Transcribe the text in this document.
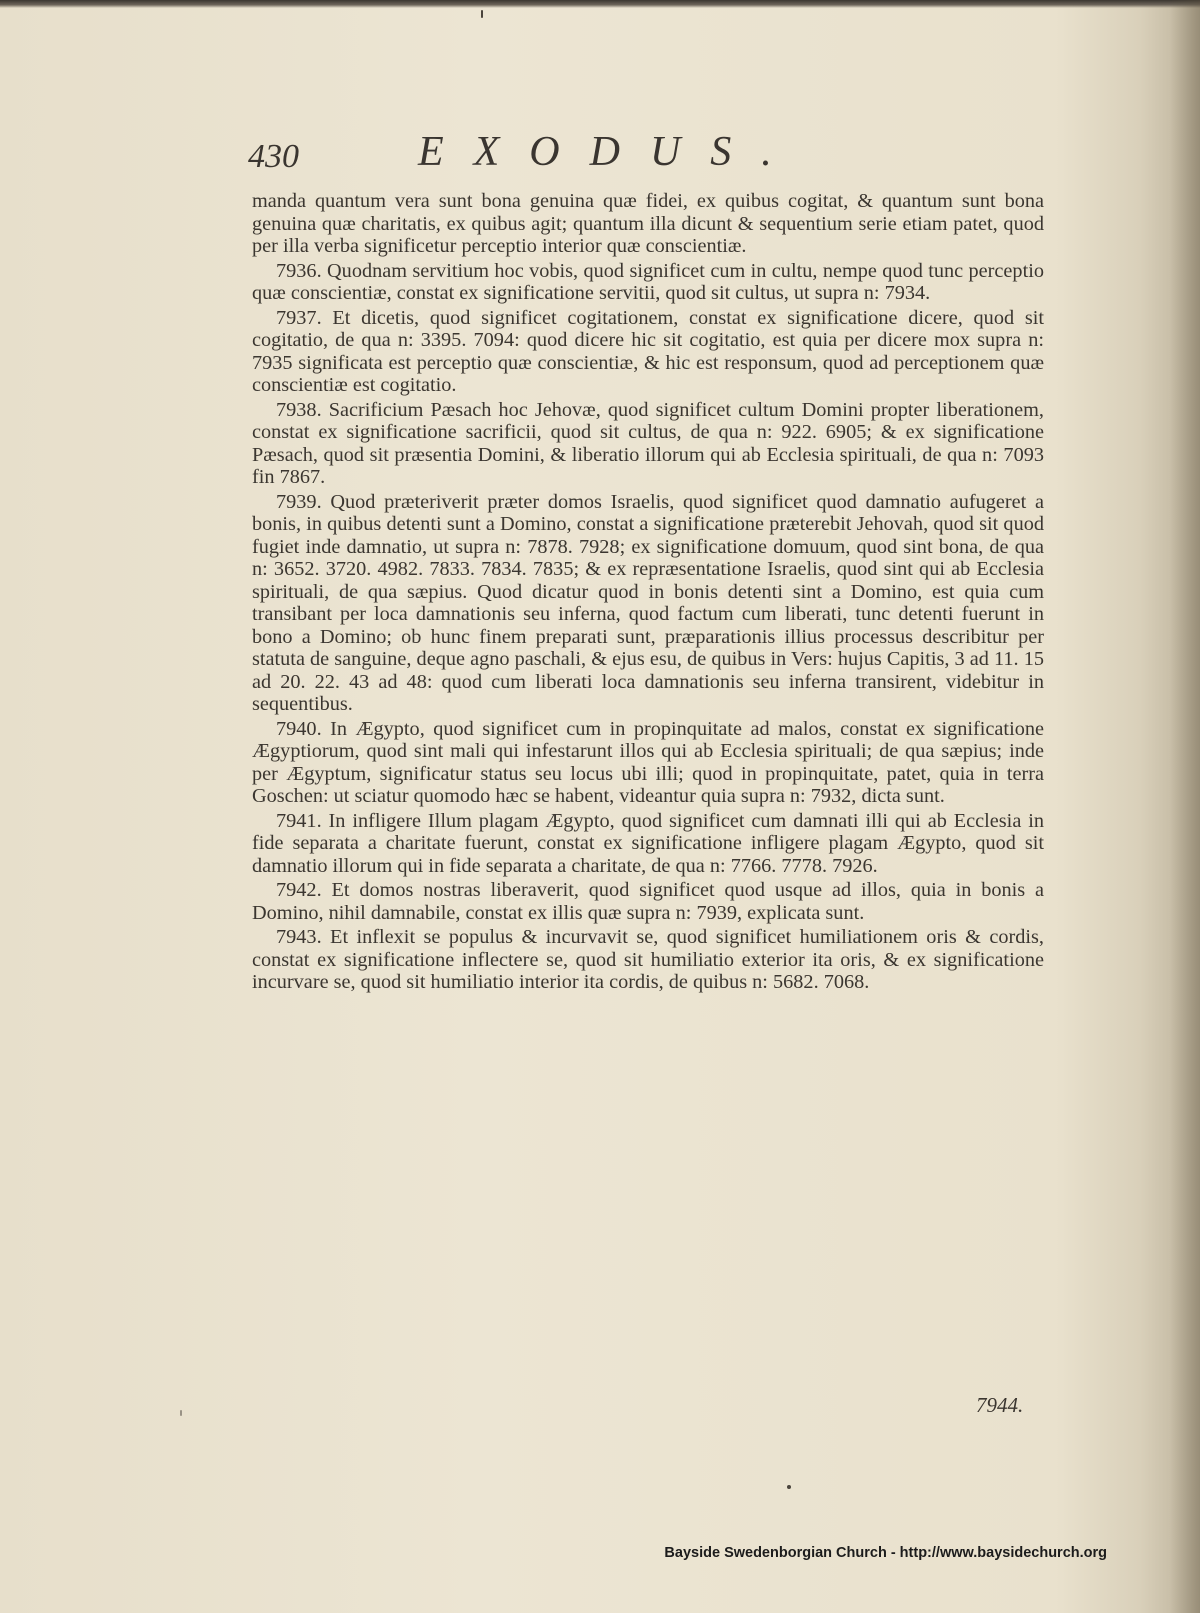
430	EXODUS.

manda quantum vera sunt bona genuina quæ fidei, ex quibus cogitat, & quantum sunt bona genuina quæ charitatis, ex quibus agit; quantum illa dicunt & sequentium serie etiam patet, quod per illa verba significetur perceptio interior quæ conscientiæ.

7936. Quodnam servitium hoc vobis, quod significet cum in cultu, nempe quod tunc perceptio quæ conscientiæ, constat ex significatione servitii, quod sit cultus, ut supra n: 7934.

7937. Et dicetis, quod significet cogitationem, constat ex significatione dicere, quod sit cogitatio, de qua n: 3395. 7094: quod dicere hic sit cogitatio, est quia per dicere mox supra n: 7935 significata est perceptio quæ conscientiæ, & hic est responsum, quod ad perceptionem quæ conscientiæ est cogitatio.

7938. Sacrificium Pæsach hoc Jehovæ, quod significet cultum Domini propter liberationem, constat ex significatione sacrificii, quod sit cultus, de qua n: 922. 6905; & ex significatione Pæsach, quod sit præsentia Domini, & liberatio illorum qui ab Ecclesia spirituali, de qua n: 7093 fin 7867.

7939. Quod præteriverit præter domos Israelis, quod significet quod damnatio aufugeret a bonis, in quibus detenti sunt a Domino, constat a significatione præterebit Jehovah, quod sit quod fugiet inde damnatio, ut supra n: 7878. 7928; ex significatione domuum, quod sint bona, de qua n: 3652. 3720. 4982. 7833. 7834. 7835; & ex repræsentatione Israelis, quod sint qui ab Ecclesia spirituali, de qua sæpius. Quod dicatur quod in bonis detenti sint a Domino, est quia cum transibant per loca damnationis seu inferna, quod factum cum liberati, tunc detenti fuerunt in bono a Domino; ob hunc finem preparati sunt, præparationis illius processus describitur per statuta de sanguine, deque agno paschali, & ejus esu, de quibus in Vers: hujus Capitis, 3 ad 11. 15 ad 20. 22. 43 ad 48: quod cum liberati loca damnationis seu inferna transirent, videbitur in sequentibus.

7940. In Ægypto, quod significet cum in propinquitate ad malos, constat ex significatione Ægyptiorum, quod sint mali qui infestarunt illos qui ab Ecclesia spirituali; de qua sæpius; inde per Ægyptum, significatur status seu locus ubi illi; quod in propinquitate, patet, quia in terra Goschen: ut sciatur quomodo hæc se habent, videantur quia supra n: 7932, dicta sunt.

7941. In infligere Illum plagam Ægypto, quod significet cum damnati illi qui ab Ecclesia in fide separata a charitate fuerunt, constat ex significatione infligere plagam Ægypto, quod sit damnatio illorum qui in fide separata a charitate, de qua n: 7766. 7778. 7926.

7942. Et domos nostras liberaverit, quod significet quod usque ad illos, quia in bonis a Domino, nihil damnabile, constat ex illis quæ supra n: 7939, explicata sunt.

7943. Et inflexit se populus & incurvavit se, quod significet humiliationem oris & cordis, constat ex significatione inflectere se, quod sit humiliatio exterior ita oris, & ex significatione incurvare se, quod sit humiliatio interior ita cordis, de quibus n: 5682. 7068.

7944.
Bayside Swedenborgian Church - http://www.baysidechurch.org
